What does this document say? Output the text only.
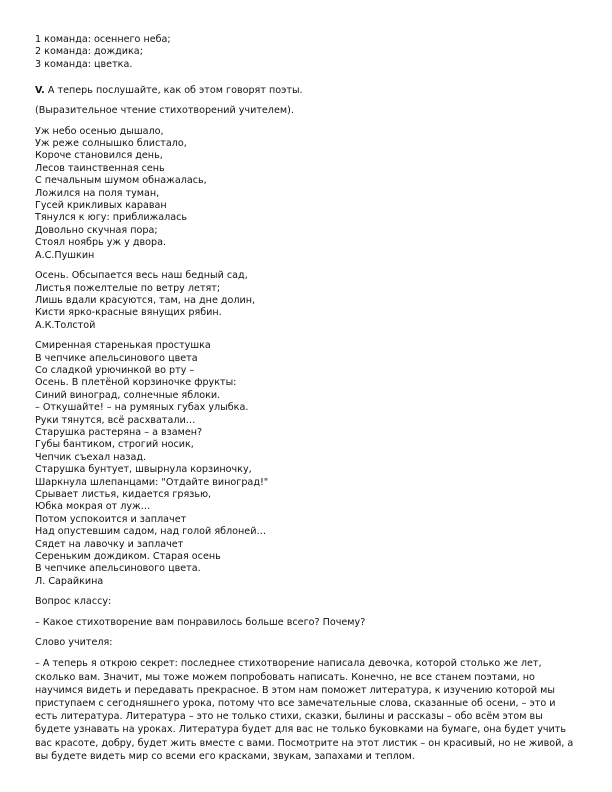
1 команда: осеннего неба;
2 команда: дождика;
3 команда: цветка.
V. А теперь послушайте, как об этом говорят поэты.
(Выразительное чтение стихотворений учителем).
Уж небо осенью дышало,
Уж реже солнышко блистало,
Короче становился день,
Лесов таинственная сень
С печальным шумом обнажалась,
Ложился на поля туман,
Гусей крикливых караван
Тянулся к югу: приближалась
Довольно скучная пора;
Стоял ноябрь уж у двора.
А.С.Пушкин
Осень. Обсыпается весь наш бедный сад,
Листья пожелтелые по ветру летят;
Лишь вдали красуются, там, на дне долин,
Кисти ярко-красные вянущих рябин.
А.К.Толстой
Смиренная старенькая простушка
В чепчике апельсинового цвета
Со сладкой урючинкой во рту –
Осень. В плетёной корзиночке фрукты:
Синий виноград, солнечные яблоки.
– Откушайте! – на румяных губах улыбка.
Руки тянутся, всё расхватали…
Старушка растеряна – а взамен?
Губы бантиком, строгий носик,
Чепчик съехал назад.
Старушка бунтует, швырнула корзиночку,
Шаркнула шлепанцами: "Отдайте виноград!"
Срывает листья, кидается грязью,
Юбка мокрая от луж…
Потом успокоится и заплачет
Над опустевшим садом, над голой яблоней…
Сядет на лавочку и заплачет
Сереньким дождиком. Старая осень
В чепчике апельсинового цвета.
Л. Сарайкина
Вопрос классу:
– Какое стихотворение вам понравилось больше всего? Почему?
Слово учителя:
– А теперь я открою секрет: последнее стихотворение написала девочка, которой столько же лет, сколько вам. Значит, мы тоже можем попробовать написать. Конечно, не все станем поэтами, но научимся видеть и передавать прекрасное. В этом нам поможет литература, к изучению которой мы приступаем с сегодняшнего урока, потому что все замечательные слова, сказанные об осени, – это и есть литература. Литература – это не только стихи, сказки, былины и рассказы – обо всём этом вы будете узнавать на уроках. Литература будет для вас не только буковками на бумаге, она будет учить вас красоте, добру, будет жить вместе с вами. Посмотрите на этот листик – он красивый, но не живой, а вы будете видеть мир со всеми его красками, звукам, запахами и теплом.
